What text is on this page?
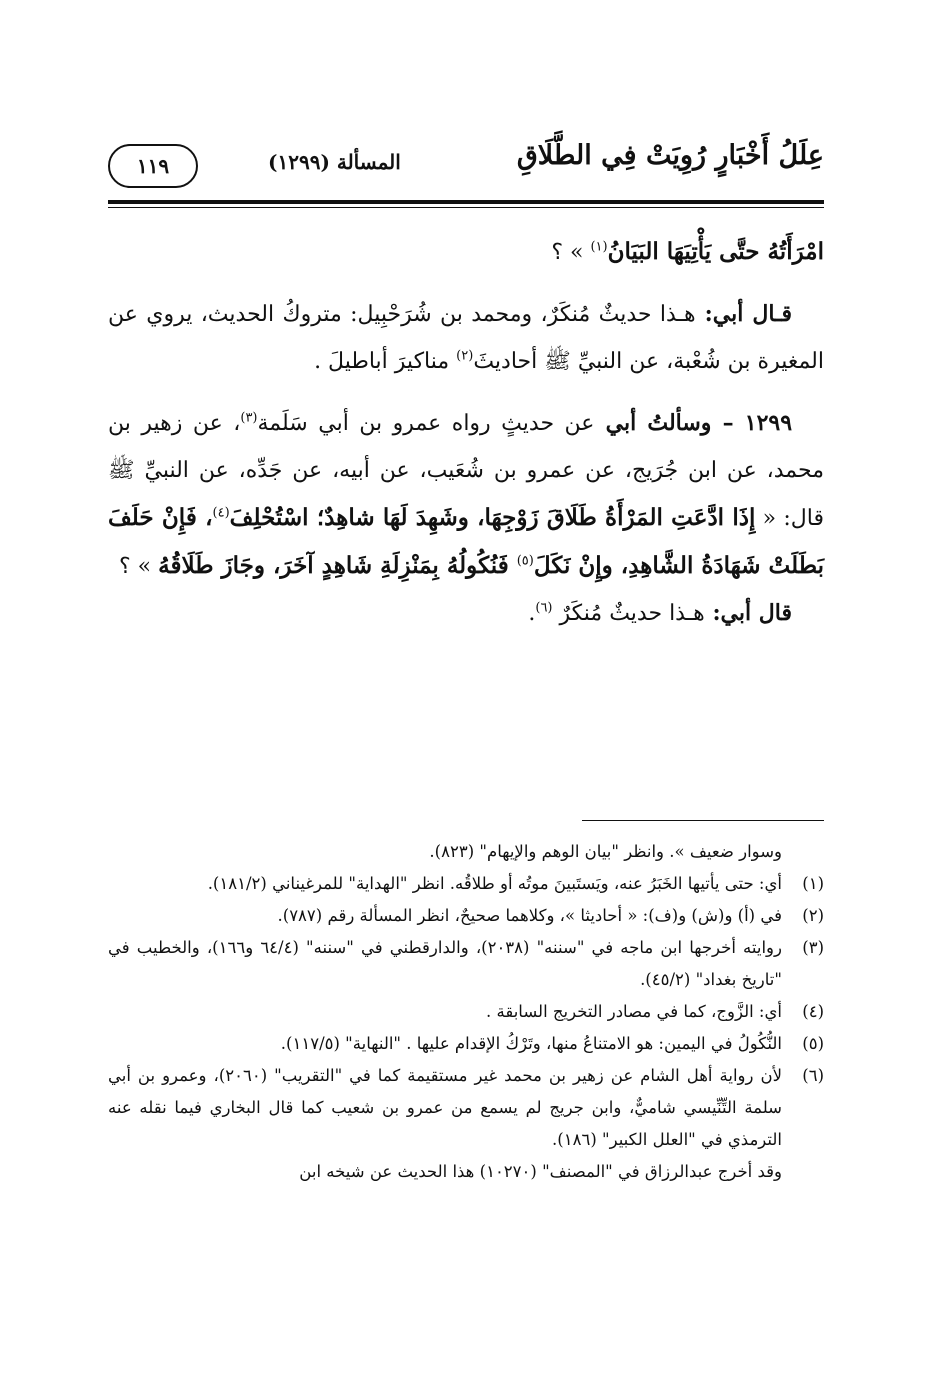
عِلَلُ أَخْبَارٍ رُوِيَتْ فِي الطَّلَاقِ
المسألة (١٢٩٩)
١١٩

امْرَأَتُهُ حتَّى يَأْتِيَهَا البَيَانُ$^{(١)}$ » ؟

قـال أبي: هـذا حديثٌ مُنكَرٌ، ومحمد بن شُرَحْبِيل: متروكُ الحديث، يروي عن المغيرة بن شُعْبة، عن النبيِّ ﷺ أحاديثَ$^{(٢)}$ مناكيرَ أباطيلَ .

١٢٩٩ – وسألتُ أبي عن حديثٍ رواه عمرو بن أبي سَلَمة$^{(٣)}$، عن زهير بن محمد، عن ابن جُرَيج، عن عمرو بن شُعَيب، عن أبيه، عن جَدِّه، عن النبيِّ ﷺ قال: « إِذَا ادَّعَتِ المَرْأَةُ طَلَاقَ زَوْجِهَا، وشَهِدَ لَهَا شاهِدٌ؛ اسْتُحْلِفَ$^{(٤)}$، فَإِنْ حَلَفَ بَطَلَتْ شَهَادَةُ الشَّاهِدِ، وإِنْ نَكَلَ$^{(٥)}$ فَنُكُولُهُ بِمَنْزِلَةِ شَاهِدٍ آخَرَ، وجَازَ طَلَاقُهُ » ؟

قال أبي: هـذا حديثٌ مُنكَرٌ $^{(٦)}$.

وسوار ضعيف ». وانظر "بيان الوهم والإيهام" (٨٢٣).

(١)
أي: حتى يأتيها الخَبَرُ عنه، ويَستَبينَ موتُه أو طلاقُه. انظر "الهداية" للمرغيناني (١٨١/٢).
(٢)
في (أ) و(ش) و(ف): « أحاديثا »، وكلاهما صحيحٌ، انظر المسألة رقم (٧٨٧).
(٣)
روايته أخرجها ابن ماجه في "سننه" (٢٠٣٨)، والدارقطني في "سننه" (٦٤/٤ و١٦٦)، والخطيب في "تاريخ بغداد" (٤٥/٢).
(٤)
أي: الزَّوج، كما في مصادر التخريج السابقة .
(٥)
النُّكُولُ في اليمين: هو الامتناعُ منها، وتَرْكُ الإقدام عليها . "النهاية" (١١٧/٥).
(٦)
لأن رواية أهل الشام عن زهير بن محمد غير مستقيمة كما في "التقريب" (٢٠٦٠)، وعمرو بن أبي سلمة التِّنِّيسي شاميٌّ، وابن جريج لم يسمع من عمرو بن شعيب كما قال البخاري فيما نقله عنه الترمذي في "العلل الكبير" (١٨٦).

وقد أخرج عبدالرزاق في "المصنف" (١٠٢٧٠) هذا الحديث عن شيخه ابن
